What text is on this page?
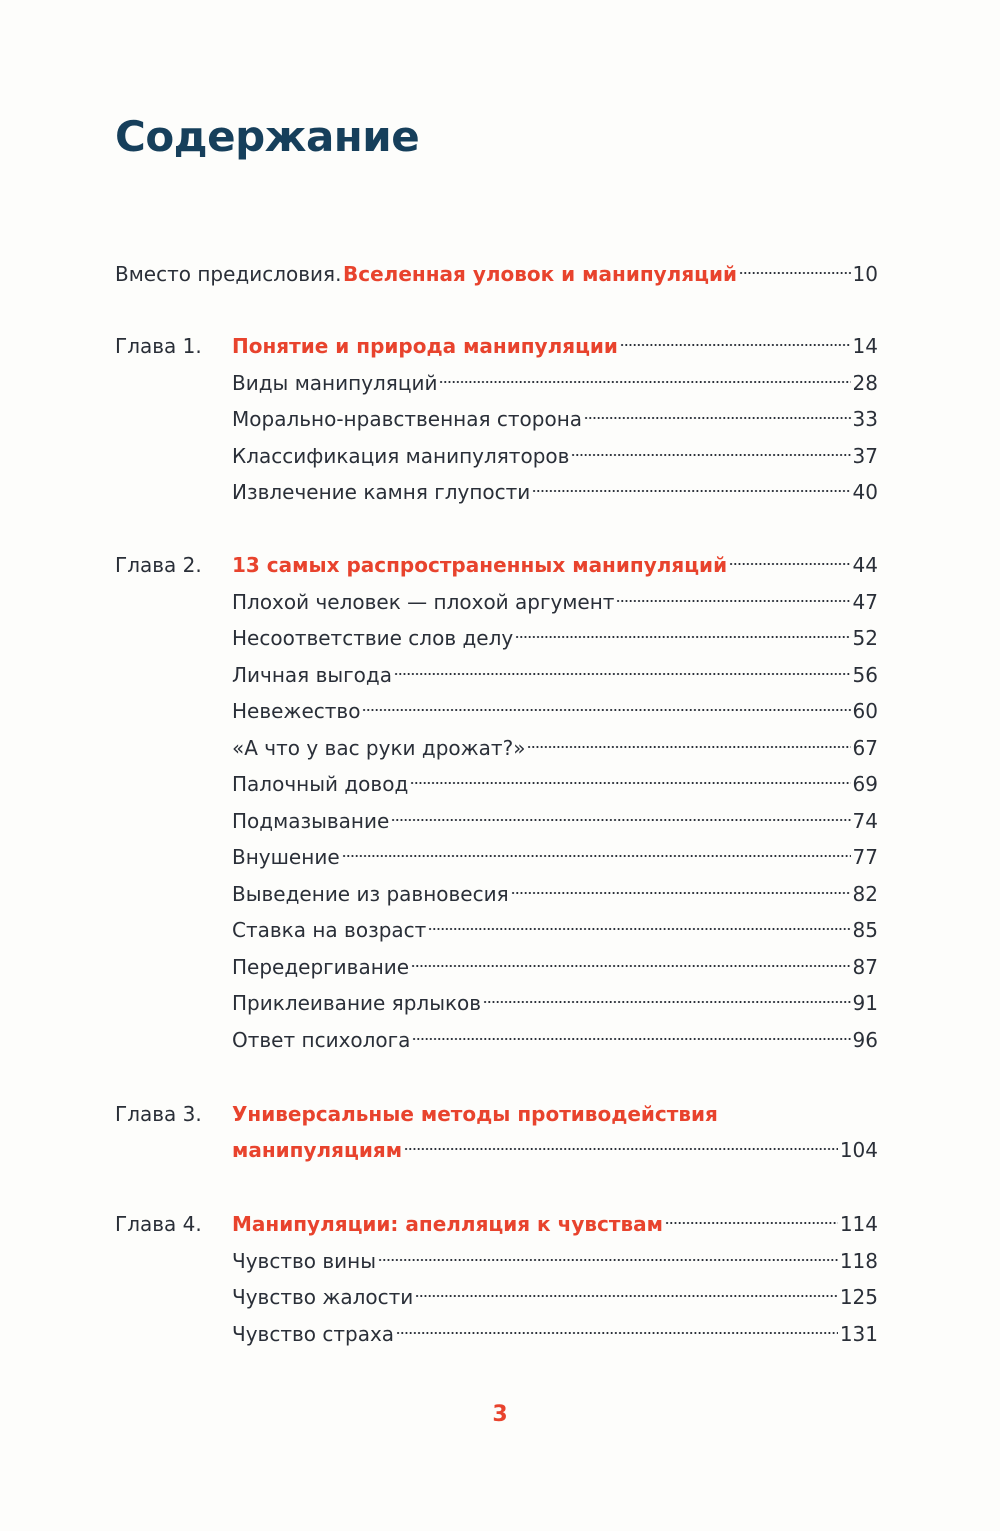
Содержание
Вместо предисловия. Вселенная уловок и манипуляций	10
Глава 1. Понятие и природа манипуляции	14
Виды манипуляций	28
Морально-нравственная сторона	33
Классификация манипуляторов	37
Извлечение камня глупости	40
Глава 2. 13 самых распространенных манипуляций	44
Плохой человек — плохой аргумент	47
Несоответствие слов делу	52
Личная выгода	56
Невежество	60
«А что у вас руки дрожат?»	67
Палочный довод	69
Подмазывание	74
Внушение	77
Выведение из равновесия	82
Ставка на возраст	85
Передергивание	87
Приклеивание ярлыков	91
Ответ психолога	96
Глава 3. Универсальные методы противодействия
манипуляциям	104
Глава 4. Манипуляции: апелляция к чувствам	114
Чувство вины	118
Чувство жалости	125
Чувство страха	131
3
